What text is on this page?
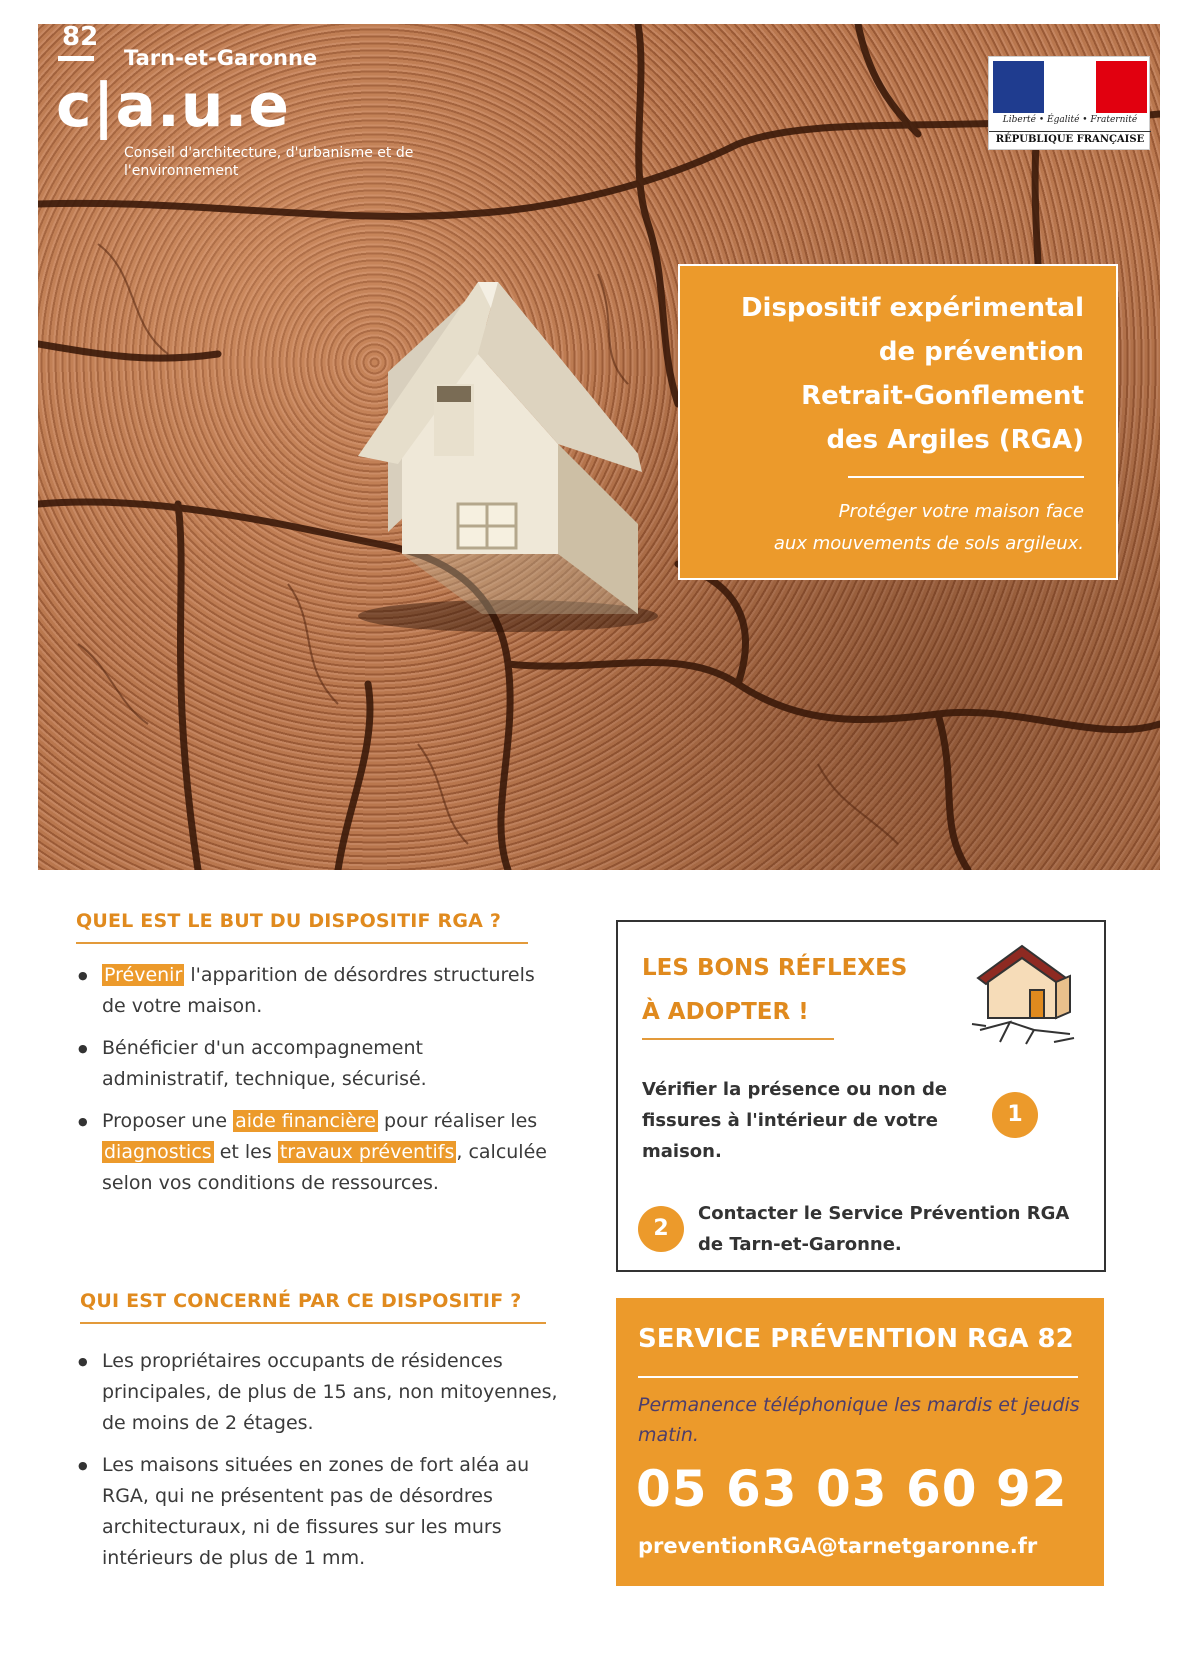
82
Tarn-et-Garonne
c|a.u.e
Conseil d'architecture, d'urbanisme et de l'environnement
Liberté • Égalité • Fraternité
RÉPUBLIQUE FRANÇAISE
Dispositif expérimental
de prévention
Retrait-Gonflement
des Argiles (RGA)
Protéger votre maison face
aux mouvements de sols argileux.
QUEL EST LE BUT DU DISPOSITIF RGA ?
● Prévenir l'apparition de désordres structurels de votre maison.
● Bénéficier d'un accompagnement administratif, technique, sécurisé.
● Proposer une aide financière pour réaliser les diagnostics et les travaux préventifs , calculée selon vos conditions de ressources.
QUI EST CONCERNÉ PAR CE DISPOSITIF ?
● Les propriétaires occupants de résidences principales, de plus de 15 ans, non mitoyennes, de moins de 2 étages.
● Les maisons situées en zones de fort aléa au RGA, qui ne présentent pas de désordres architecturaux, ni de fissures sur les murs intérieurs de plus de 1 mm.
LES BONS RÉFLEXES
À ADOPTER !
Vérifier la présence ou non de fissures à l'intérieur de votre maison.
1
2
Contacter le Service Prévention RGA de Tarn-et-Garonne.
SERVICE PRÉVENTION RGA 82
Permanence téléphonique les mardis et jeudis matin.
05 63 03 60 92
preventionRGA@tarnetgaronne.fr
